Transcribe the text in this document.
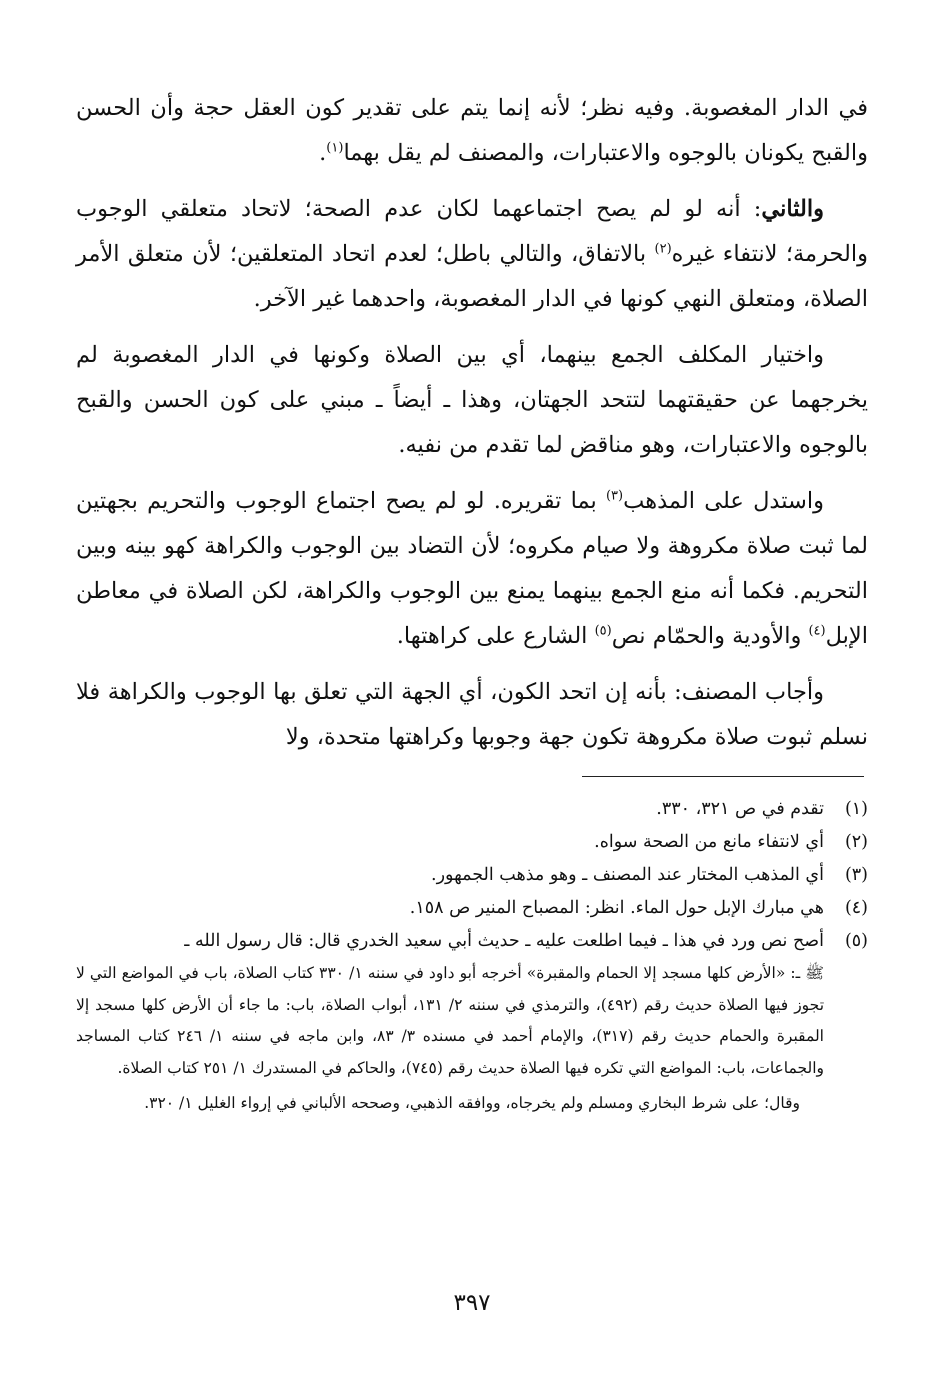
في الدار المغصوبة. وفيه نظر؛ لأنه إنما يتم على تقدير كون العقل حجة وأن الحسن والقبح يكونان بالوجوه والاعتبارات، والمصنف لم يقل بهما$^{(١)}$.

والثاني: أنه لو لم يصح اجتماعهما لكان عدم الصحة؛ لاتحاد متعلقي الوجوب والحرمة؛ لانتفاء غيره$^{(٢)}$ بالاتفاق، والتالي باطل؛ لعدم اتحاد المتعلقين؛ لأن متعلق الأمر الصلاة، ومتعلق النهي كونها في الدار المغصوبة، واحدهما غير الآخر.

واختيار المكلف الجمع بينهما، أي بين الصلاة وكونها في الدار المغصوبة لم يخرجهما عن حقيقتهما لتتحد الجهتان، وهذا ـ أيضاً ـ مبني على كون الحسن والقبح بالوجوه والاعتبارات، وهو مناقض لما تقدم من نفيه.

واستدل على المذهب$^{(٣)}$ بما تقريره. لو لم يصح اجتماع الوجوب والتحريم بجهتين لما ثبت صلاة مكروهة ولا صيام مكروه؛ لأن التضاد بين الوجوب والكراهة كهو بينه وبين التحريم. فكما أنه منع الجمع بينهما يمنع بين الوجوب والكراهة، لكن الصلاة في معاطن الإبل$^{(٤)}$ والأودية والحمّام نص$^{(٥)}$ الشارع على كراهتها.

وأجاب المصنف: بأنه إن اتحد الكون، أي الجهة التي تعلق بها الوجوب والكراهة فلا نسلم ثبوت صلاة مكروهة تكون جهة وجوبها وكراهتها متحدة، ولا

(١)
تقدم في ص ٣٢١، ٣٣٠.
(٢)
أي لانتفاء مانع من الصحة سواه.
(٣)
أي المذهب المختار عند المصنف ـ وهو مذهب الجمهور.
(٤)
هي مبارك الإبل حول الماء. انظر: المصباح المنير ص ١٥٨.
(٥)
أصح نص ورد في هذا ـ فيما اطلعت عليه ـ حديث أبي سعيد الخدري قال: قال رسول الله ـ
ﷺ ـ: «الأرض كلها مسجد إلا الحمام والمقبرة» أخرجه أبو داود في سننه ١/ ٣٣٠ كتاب الصلاة، باب في المواضع التي لا تجوز فيها الصلاة حديث رقم (٤٩٢)، والترمذي في سننه ٢/ ١٣١، أبواب الصلاة، باب: ما جاء أن الأرض كلها مسجد إلا المقبرة والحمام حديث رقم (٣١٧)، والإمام أحمد في مسنده ٣/ ٨٣، وابن ماجه في سننه ١/ ٢٤٦ كتاب المساجد والجماعات، باب: المواضع التي تكره فيها الصلاة حديث رقم (٧٤٥)، والحاكم في المستدرك ١/ ٢٥١ كتاب الصلاة.
وقال؛ على شرط البخاري ومسلم ولم يخرجاه، ووافقه الذهبي، وصححه الألباني في إرواء الغليل ١/ ٣٢٠.
٣٩٧
